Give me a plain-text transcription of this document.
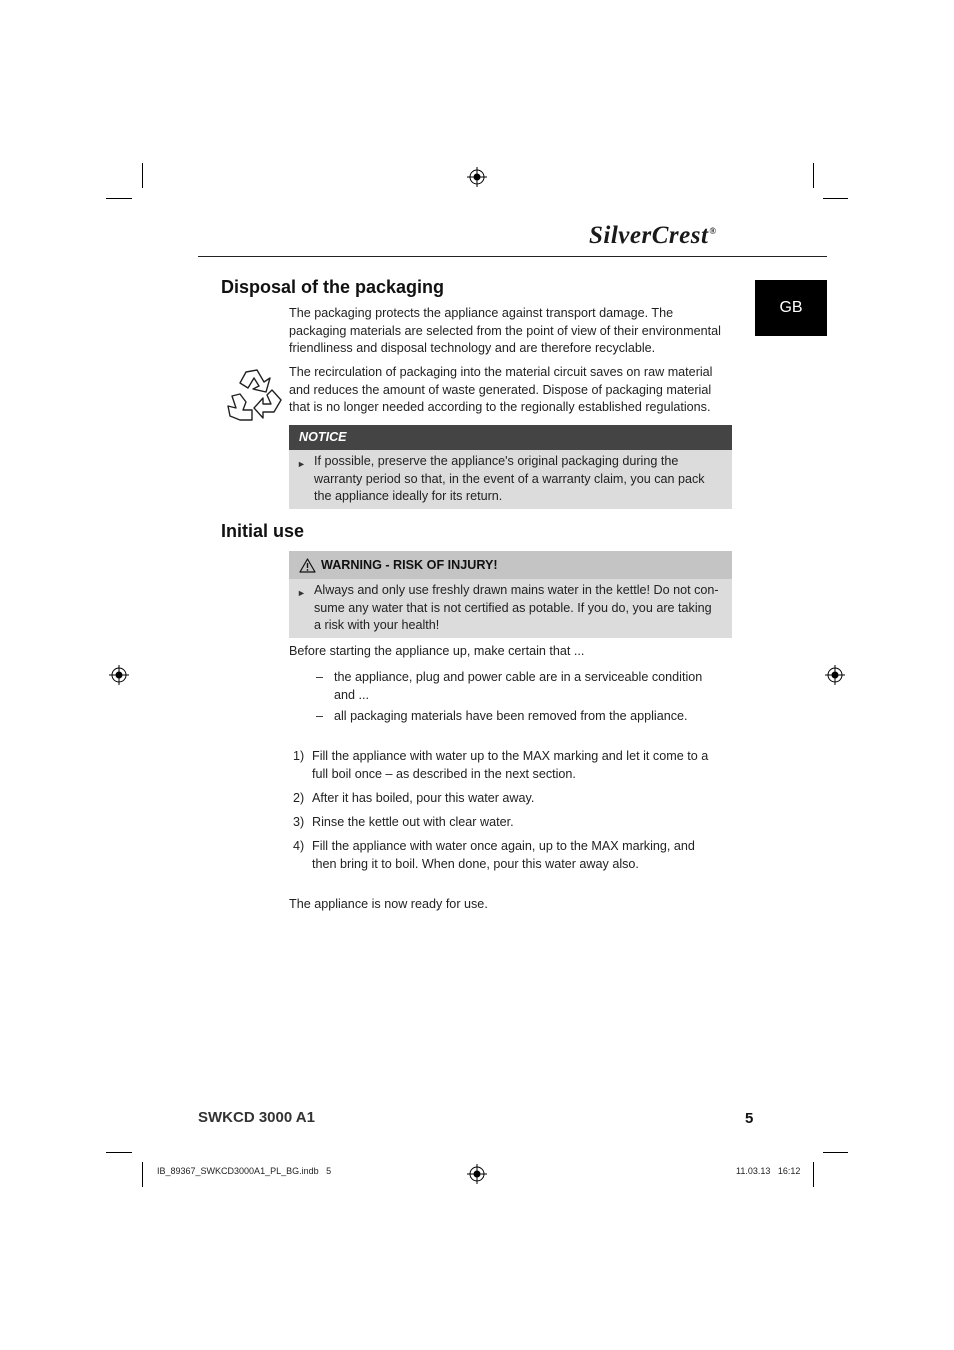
SilverCrest®
GB
Disposal of the packaging

The packaging protects the appliance against transport damage. The packaging materials are selected from the point of view of their environmental friendliness and disposal technology and are therefore recyclable.

The recirculation of packaging into the material circuit saves on raw material and reduces the amount of waste generated. Dispose of packaging material that is no longer needed according to the regionally established regulations.

NOTICE
► If possible, preserve the appliance's original packaging during the warranty period so that, in the event of a warranty claim, you can pack the appliance ideally for its return.
Initial use
WARNING - RISK OF INJURY!
► Always and only use freshly drawn mains water in the kettle! Do not con-sume any water that is not certified as potable. If you do, you are taking a risk with your health!

Before starting the appliance up, make certain that ...

– the appliance, plug and power cable are in a serviceable condition and ...
– all packaging materials have been removed from the appliance.
1) Fill the appliance with water up to the MAX marking and let it come to a full boil once – as described in the next section.
2) After it has boiled, pour this water away.
3) Rinse the kettle out with clear water.
4) Fill the appliance with water once again, up to the MAX marking, and then bring it to boil. When done, pour this water away also.

The appliance is now ready for use.

SWKCD 3000 A1	5
IB_89367_SWKCD3000A1_PL_BG.indb   5	11.03.13   16:12
